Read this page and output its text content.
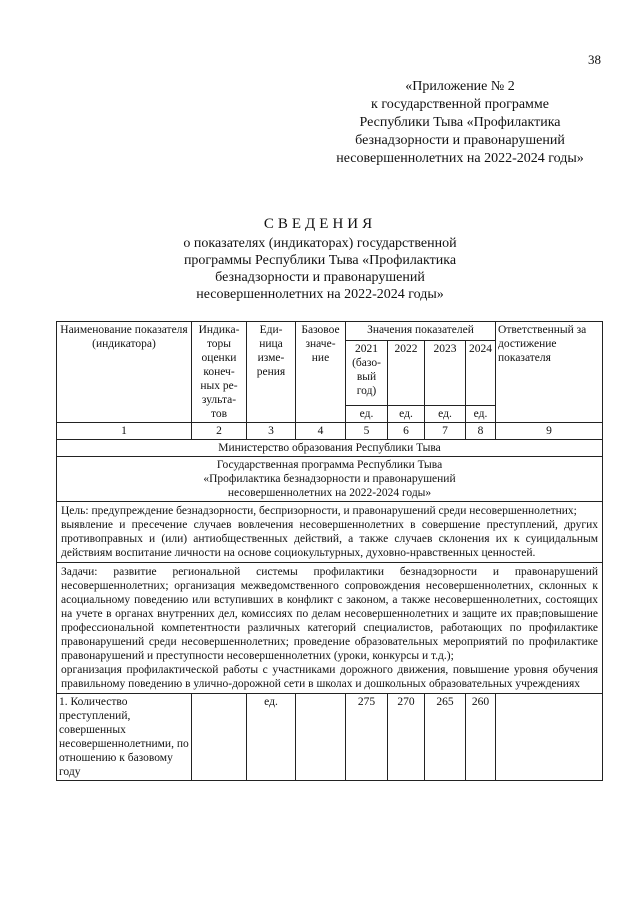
38
«Приложение № 2
к государственной программе
Республики Тыва «Профилактика
безнадзорности и правонарушений
несовершеннолетних на 2022-2024 годы»
СВЕДЕНИЯ
о показателях (индикаторах) государственной
программы Республики Тыва «Профилактика
безнадзорности и правонарушений
несовершеннолетних на 2022-2024 годы»
Наименование показателя (индикатора)	Индика-торы оценки конеч-ных ре-зульта-тов	Еди-ница изме-рения	Базовое значе-ние	Значения показателей				Ответственный за достижение показателя
				2021 (базо-вый год)	2022	2023	2024	
				ед.	ед.	ед.	ед.	
1	2	3	4	5	6	7	8	9
Министерство образования Республики Тыва								

Государственная программа Республики Тыва
«Профилактика безнадзорности и правонарушений
несовершеннолетних на 2022-2024 годы»								

Цель: предупреждение безнадзорности, беспризорности, и правонарушений среди несовершеннолетних;
выявление и пресечение случаев вовлечения несовершеннолетних в совершение преступлений, других противоправных и (или) антиобщественных действий, а также случаев склонения их к суицидальным действиям воспитание личности на основе социокультурных, духовно-нравственных ценностей.								

Задачи: развитие региональной системы профилактики безнадзорности и правонарушений несовершеннолетних; организация межведомственного сопровождения несовершеннолетних, склонных к асоциальному поведению или вступивших в конфликт с законом, а также несовершеннолетних, состоящих на учете в органах внутренних дел, комиссиях по делам несовершеннолетних и защите их прав;повышение профессиональной компетентности различных категорий специалистов, работающих по профилактике правонарушений среди несовершеннолетних; проведение образовательных мероприятий по профилактике правонарушений и преступности несовершеннолетних (уроки, конкурсы и т.д.);
организация профилактической работы с участниками дорожного движения, повышение уровня обучения правильному поведению в улично-дорожной сети в школах и дошкольных образовательных учреждениях								

1. Количество преступлений, совершенных несовершеннолетними, по отношению к базовому году		ед.		275	270	265	260	
